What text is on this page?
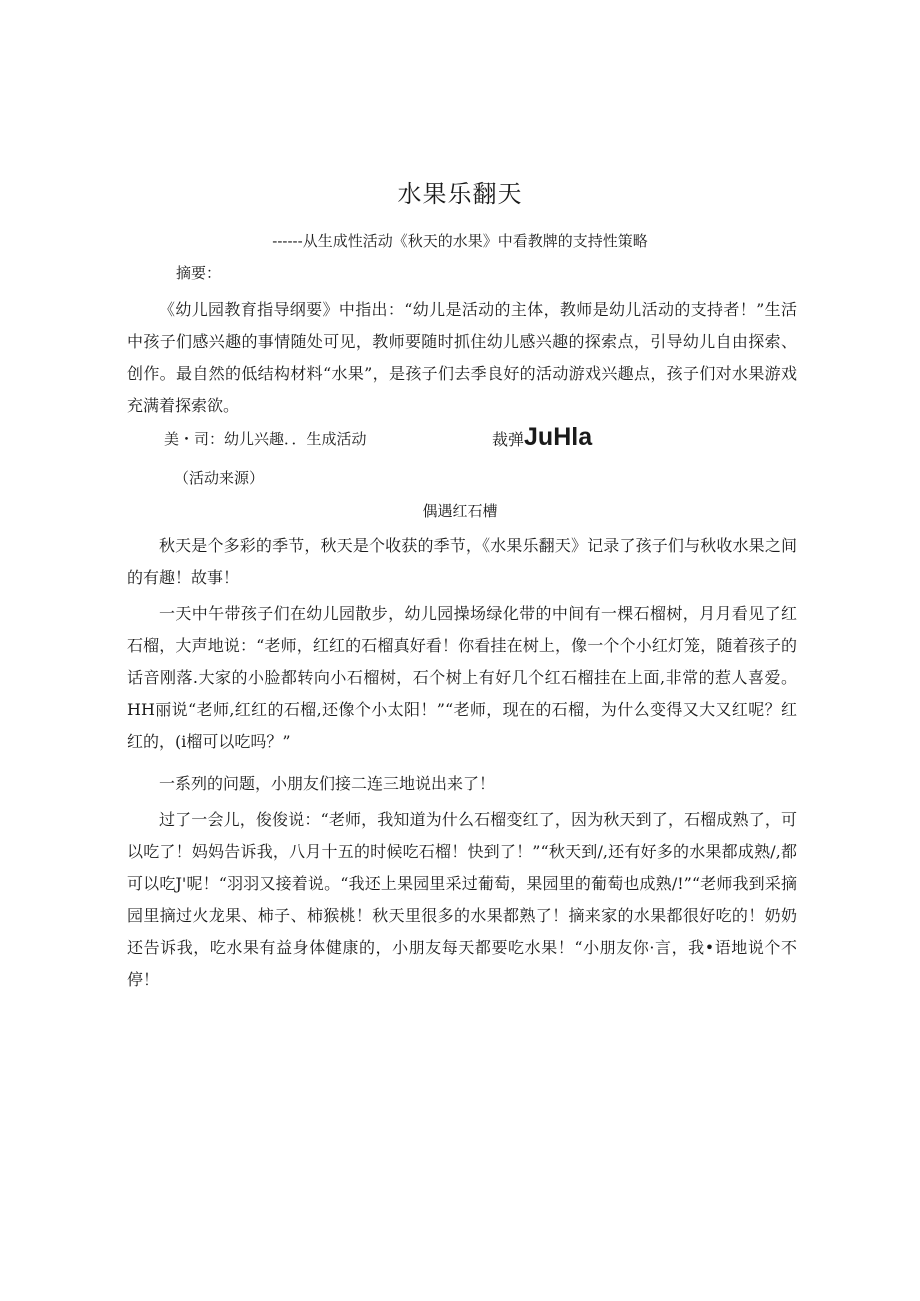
水果乐翻天
------从生成性活动《秋天的水果》中看教牌的支持性策略
摘要：

《幼儿园教育指导纲要》中指出：“幼儿是活动的主体，教师是幼儿活动的支持者！”生活中孩子们感兴趣的事情随处可见，教师要随时抓住幼儿感兴趣的探索点，引导幼儿自由探索、创作。最自然的低结构材料“水果”，是孩子们去季良好的活动游戏兴趣点，孩子们对水果游戏充满着探索欲。

美・司：幼儿兴趣．．生成活动	裁弹JuHla
（活动来源）
偶遇红石槽

秋天是个多彩的季节，秋天是个收获的季节，《水果乐翻天》记录了孩子们与秋收水果之间的有趣！故事！

一天中午带孩子们在幼儿园散步，幼儿园操场绿化带的中间有一棵石榴树，月月看见了红石榴，大声地说：“老师，红红的石榴真好看！你看挂在树上，像一个个小红灯笼，随着孩子的话音刚落.大家的小脸都转向小石榴树，石个树上有好几个红石榴挂在上面,非常的惹人喜爱。HH丽说“老师,红红的石榴,还像个小太阳！”“老师，现在的石榴，为什么变得又大又红呢？红红的，(i榴可以吃吗？”

一系列的问题，小朋友们接二连三地说出来了！

过了一会儿，俊俊说：“老师，我知道为什么石榴变红了，因为秋天到了，石榴成熟了，可以吃了！妈妈告诉我，八月十五的时候吃石榴！快到了！”“秋天到/,还有好多的水果都成熟/,都可以吃J'呢！“羽羽又接着说。“我还上果园里采过葡萄，果园里的葡萄也成熟/!”“老师我到采摘园里摘过火龙果、柿子、柿猴桃！秋天里很多的水果都熟了！摘来家的水果都很好吃的！奶奶还告诉我，吃水果有益身体健康的，小朋友每天都要吃水果！“小朋友你·言，我•语地说个不停！
